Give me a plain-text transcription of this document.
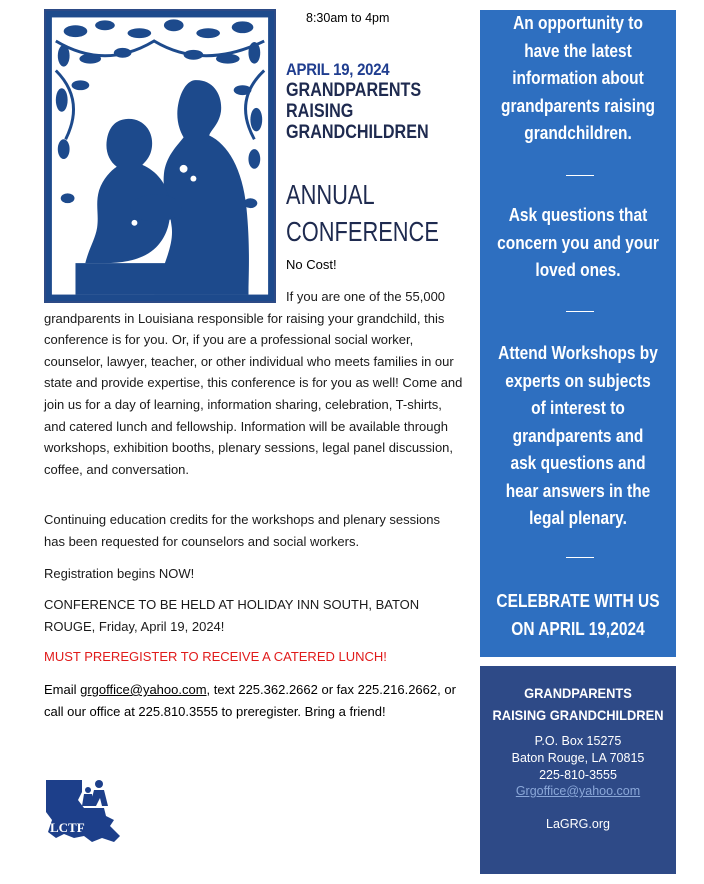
8:30am to 4pm
APRIL 19, 2024
GRANDPARENTS
RAISING
GRANDCHILDREN
ANNUAL
CONFERENCE
No Cost!
If you are one of the 55,000 grandparents in Louisiana responsible for raising your grandchild, this conference is for you. Or, if you are a professional social worker, counselor, lawyer, teacher, or other individual who meets families in our state and provide expertise, this conference is for you as well! Come and join us for a day of learning, information sharing, celebration, T-shirts, and catered lunch and fellowship. Information will be available through workshops, exhibition booths, plenary sessions, legal panel discussion, coffee, and conversation.
Continuing education credits for the workshops and plenary sessions has been requested for counselors and social workers.
Registration begins NOW!
CONFERENCE TO BE HELD AT HOLIDAY INN SOUTH, BATON ROUGE, Friday, April 19, 2024!
MUST PREREGISTER TO RECEIVE A CATERED LUNCH!
Email grgoffice@yahoo.com, text 225.362.2662 or fax 225.216.2662, or call our office at 225.810.3555 to preregister. Bring a friend!
LCTF
An opportunity to
have the latest
information about
grandparents raising
grandchildren.
Ask questions that
concern you and your
loved ones.
Attend Workshops by
experts on subjects
of interest to
grandparents and
ask questions and
hear answers in the
legal plenary.
CELEBRATE WITH US
ON APRIL 19,2024
GRANDPARENTS
RAISING GRANDCHILDREN
P.O. Box 15275
Baton Rouge, LA 70815
225-810-3555
Grgoffice@yahoo.com
LaGRG.org
